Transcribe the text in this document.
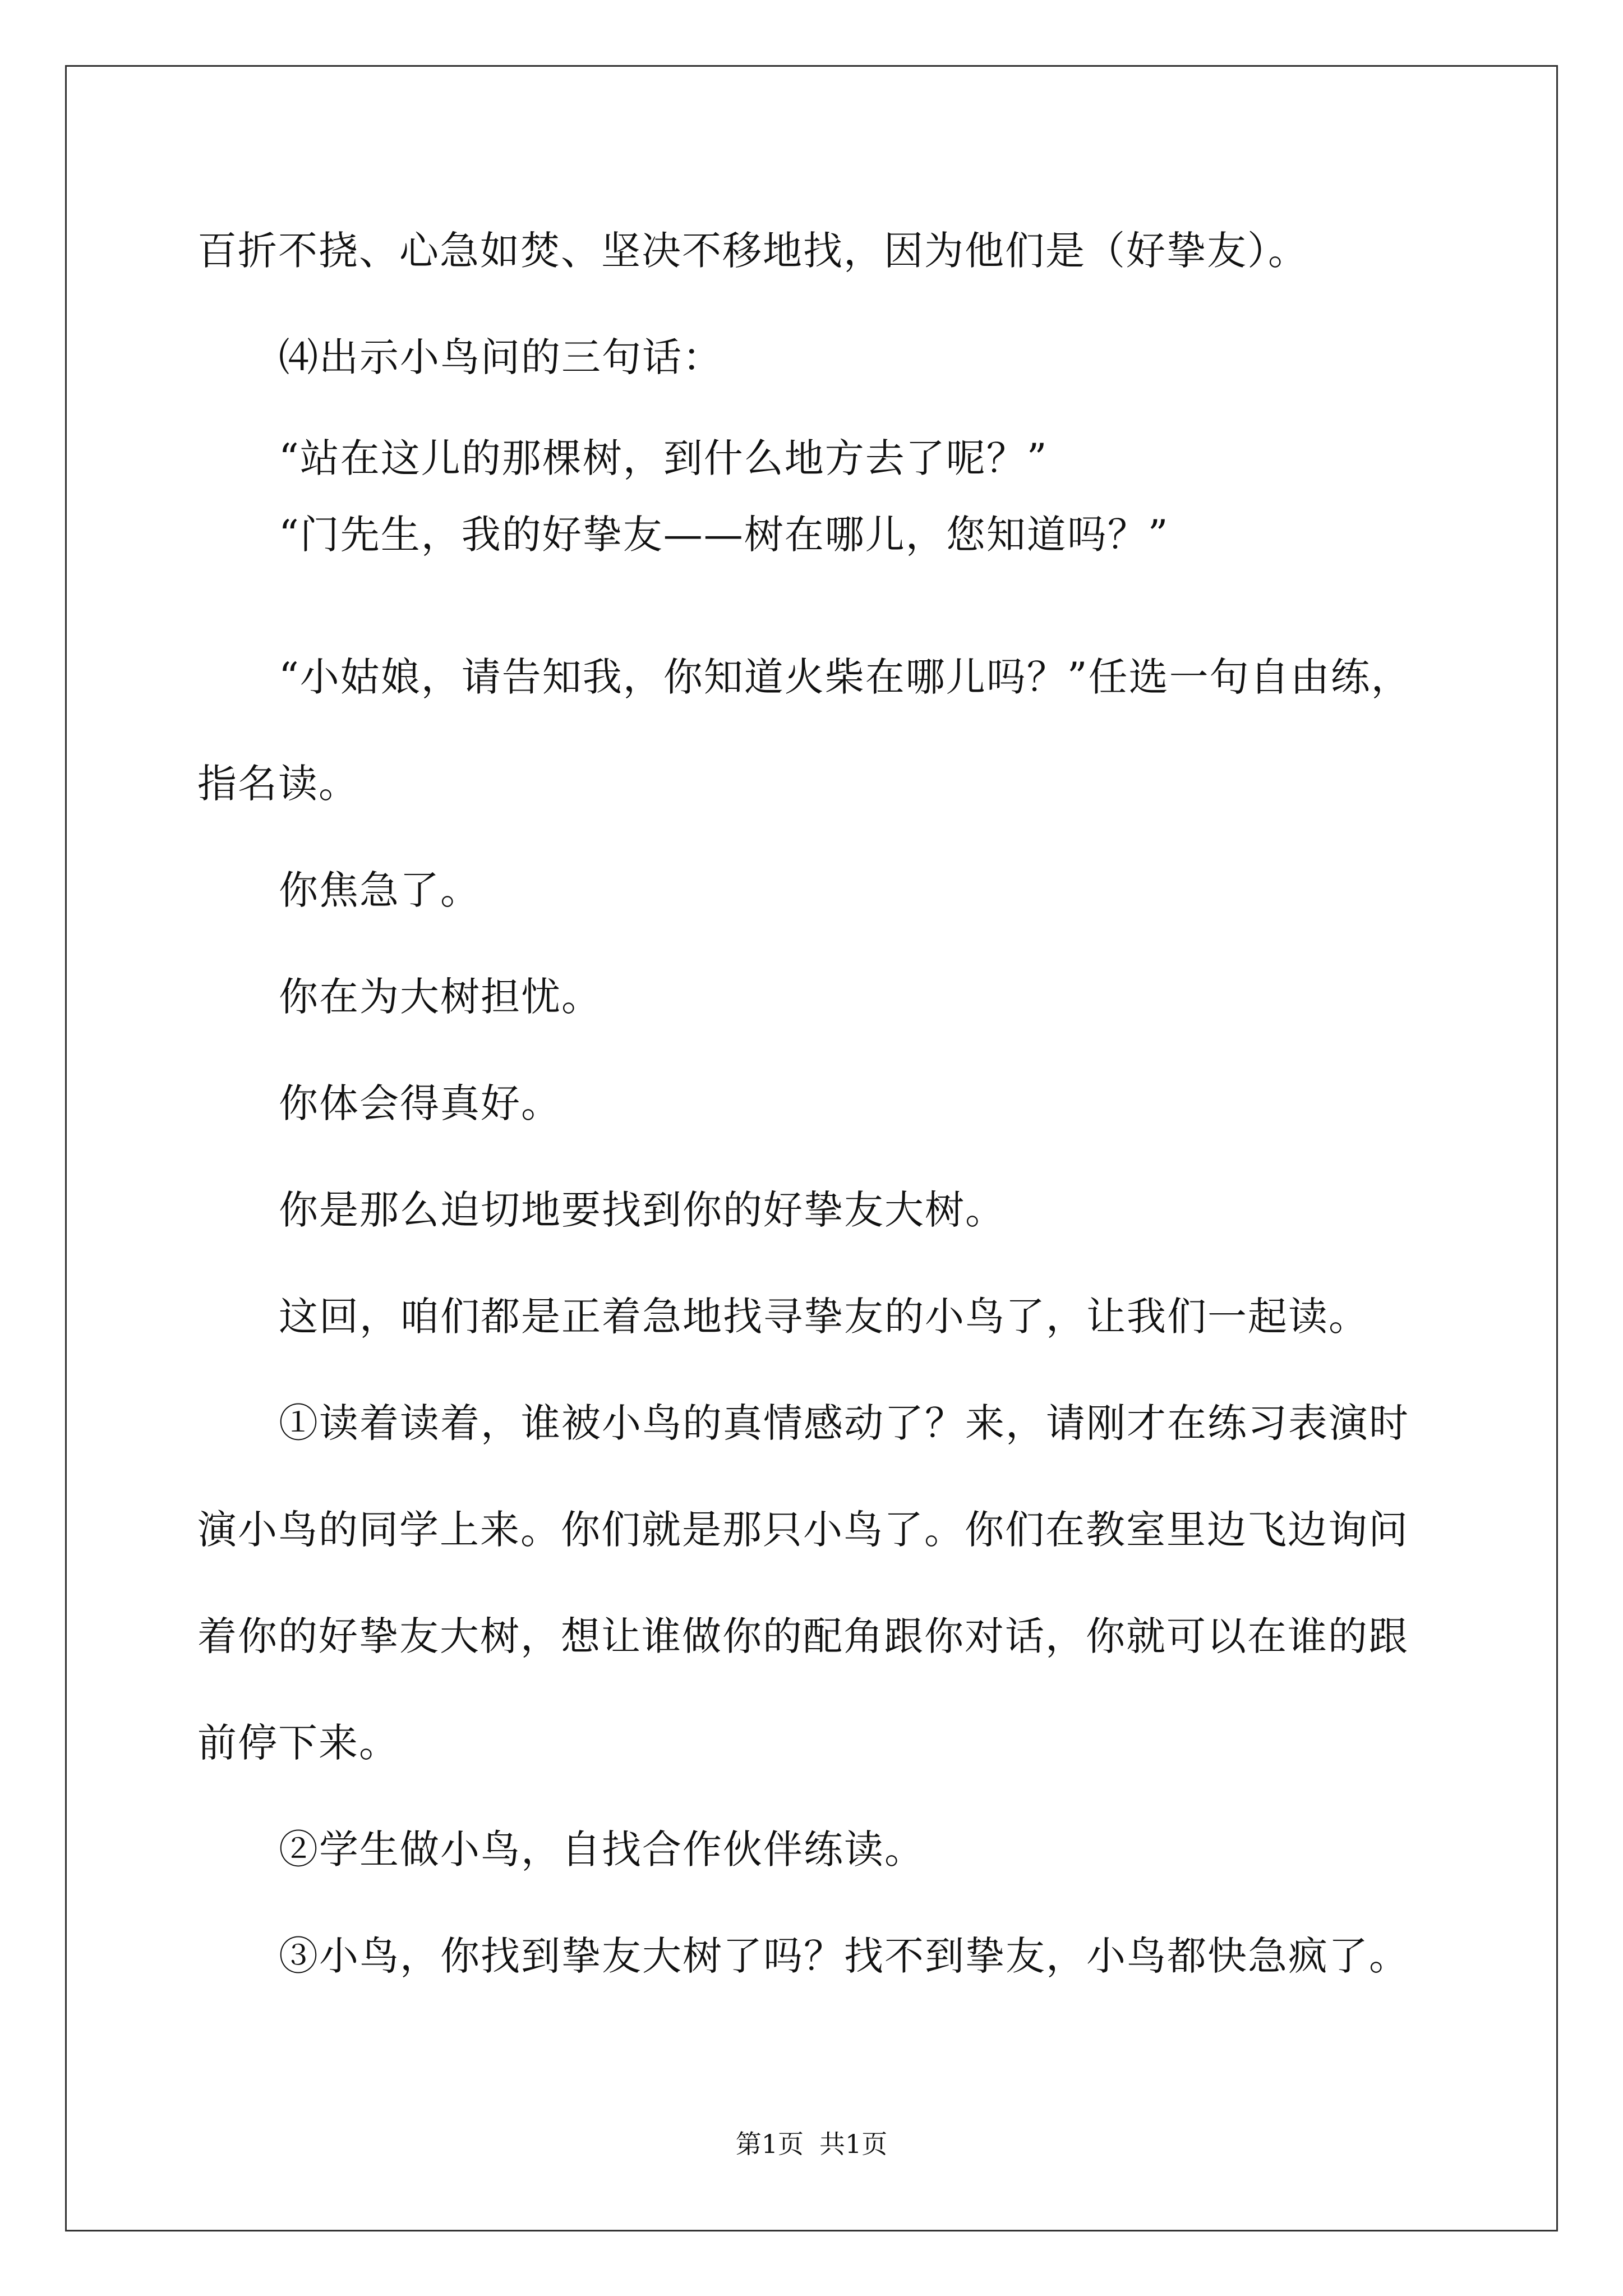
百折不挠、心急如焚、坚决不移地找，因为他们是（好挚友）。
⑷出示小鸟问的三句话：
“站在这儿的那棵树，到什么地方去了呢？”
“门先生，我的好挚友——树在哪儿，您知道吗？”
“小姑娘，请告知我，你知道火柴在哪儿吗？”任选一句自由练，
指名读。
你焦急了。
你在为大树担忧。
你体会得真好。
你是那么迫切地要找到你的好挚友大树。
这回，咱们都是正着急地找寻挚友的小鸟了，让我们一起读。
①读着读着，谁被小鸟的真情感动了？来，请刚才在练习表演时
演小鸟的同学上来。你们就是那只小鸟了。你们在教室里边飞边询问
着你的好挚友大树，想让谁做你的配角跟你对话，你就可以在谁的跟
前停下来。
②学生做小鸟，自找合作伙伴练读。
③小鸟，你找到挚友大树了吗？找不到挚友，小鸟都快急疯了。
第1页 共1页
